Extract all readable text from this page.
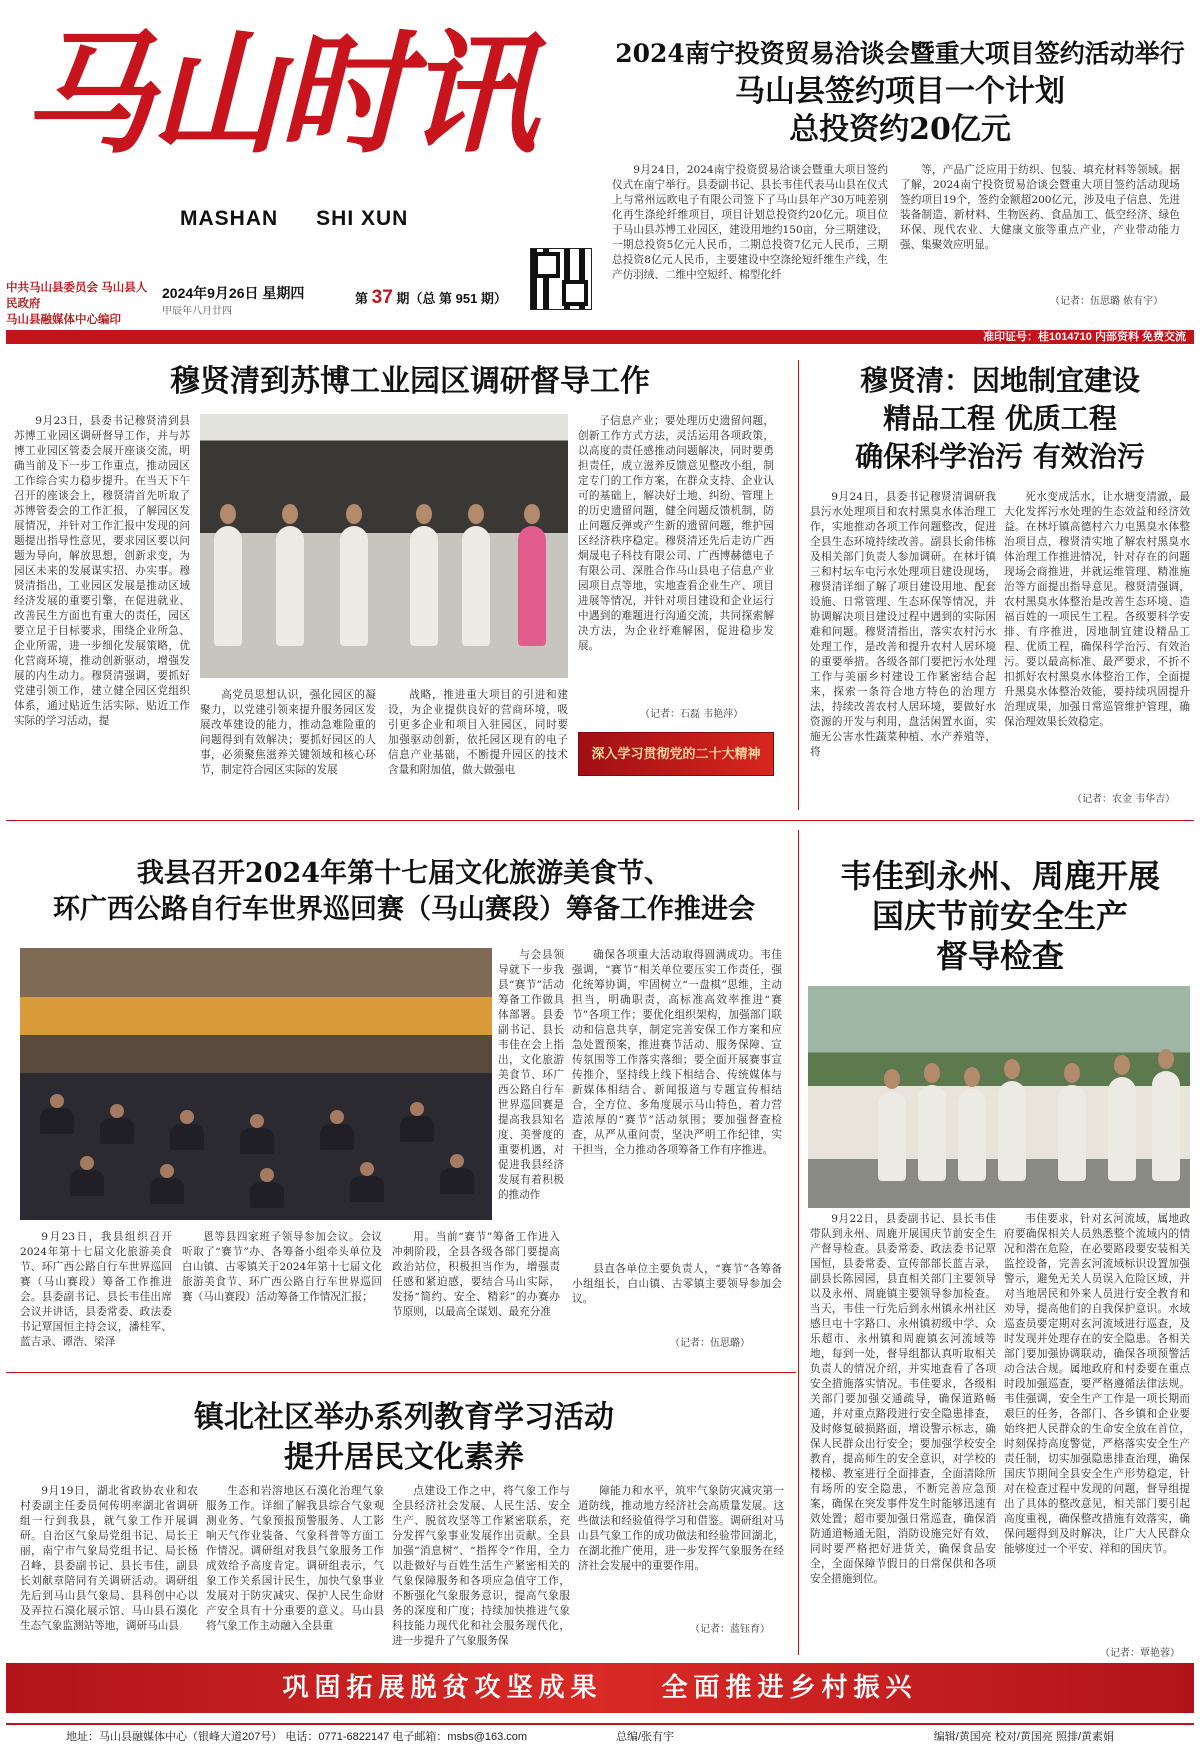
马山时讯
MASHAN SHI XUN
中共马山县委员会 马山县人民政府
马山县融媒体中心编印
2024年9月26日 星期四
甲辰年八月廿四
第 37 期（总 第 951 期）
2024南宁投资贸易洽谈会暨重大项目签约活动举行
马山县签约项目一个计划
总投资约20亿元

9月24日，2024南宁投资贸易洽谈会暨重大项目签约仪式在南宁举行。县委副书记、县长韦佳代表马山县在仪式上与常州远欧电子有限公司签下了马山县年产30万吨差别化再生涤纶纤维项目，项目计划总投资约20亿元。项目位于马山县苏博工业园区，建设用地约150亩，分三期建设，一期总投资5亿元人民币，二期总投资7亿元人民币，三期总投资8亿元人民币，主要建设中空涤纶短纤维生产线，生产仿羽绒、二维中空短纤、棉型化纤

等，产品广泛应用于纺织、包装、填充材料等领域。据了解，2024南宁投资贸易洽谈会暨重大项目签约活动现场签约项目19个，签约金额超200亿元，涉及电子信息、先进装备制造、新材料、生物医药、食品加工、低空经济、绿色环保、现代农业、大健康文旅等重点产业，产业带动能力强、集聚效应明显。

（记者：伍思璐 侬有宇）
准印证号：桂1014710 内部资料 免费交流
穆贤清到苏博工业园区调研督导工作

9月23日，县委书记穆贤清到县苏博工业园区调研督导工作，并与苏博工业园区管委会展开座谈交流，明确当前及下一步工作重点，推动园区工作综合实力稳步提升。在当天下午召开的座谈会上，穆贤清首先听取了苏博管委会的工作汇报，了解园区发展情况，并针对工作汇报中发现的问题提出指导性意见，要求园区要以问题为导向，解放思想，创新求变，为园区未来的发展谋实招、办实事。穆贤清指出，工业园区发展是推动区域经济发展的重要引擎，在促进就业、改善民生方面也有重大的责任，园区要立足于目标要求，围绕企业所急、企业所需，进一步细化发展策略，优化营商环境，推动创新驱动，增强发展的内生动力。穆贤清强调，要抓好党建引领工作，建立健全园区党组织体系，通过贴近生活实际、贴近工作实际的学习活动，提

高党员思想认识，强化园区的凝聚力，以党建引领来提升服务园区发展改革建设的能力，推动急难险重的问题得到有效解决；要抓好园区的人事，必须聚焦滋养关键领域和核心环节，制定符合园区实际的发展

战略，推进重大项目的引进和建设，为企业提供良好的营商环境，吸引更多企业和项目入驻园区，同时要加强驱动创新，依托园区现有的电子信息产业基础，不断提升园区的技术含量和附加值，做大做强电

子信息产业；要处理历史遗留问题，创新工作方式方法，灵活运用各项政策，以高度的责任感推动问题解决，同时要勇担责任，成立滋养反馈意见整改小组，制定专门的工作方案，在群众支持、企业认可的基础上，解决好土地、纠纷、管理上的历史遗留问题，健全问题反馈机制，防止问题反弹或产生新的遗留问题，维护园区经济秩序稳定。穆贤清还先后走访广西炯晟电子科技有限公司、广西博赫德电子有限公司、深胜合作马山县电子信息产业园项目点等地，实地查看企业生产、项目进展等情况，并针对项目建设和企业运行中遇到的难题进行沟通交流，共同探索解决方法，为企业纾难解困，促进稳步发展。

深入学习贯彻党的二十大精神
（记者：石磊 韦艳萍）
穆贤清：因地制宜建设
精品工程 优质工程
确保科学治污 有效治污

9月24日，县委书记穆贤清调研我县污水处理项目和农村黑臭水体治理工作，实地推动各项工作问题整改，促进全县生态环境持续改善。副县长俞伟栋及相关部门负责人参加调研。在林圩镇三和村坛车屯污水处理项目建设现场，穆贤清详细了解了项目建设用地、配套设施、日常管理、生态环保等情况，并协调解决项目建设过程中遇到的实际困难和问题。穆贤清指出，落实农村污水处理工作，是改善和提升农村人居环境的重要举措。各级各部门要把污水处理工作与美丽乡村建设工作紧密结合起来，探索一条符合地方特色的治理方法，持续改善农村人居环境，要做好水资源的开发与利用，盘活闲置水面，实施无公害水性蔬菜种植、水产养殖等，将

死水变成活水，让水塘变清澈，最大化发挥污水处理的生态效益和经济效益。在林圩镇高德村六力屯黑臭水体整治项目点，穆贤清实地了解农村黑臭水体治理工作推进情况，针对存在的问题现场会商推进，并就运维管理、精准施治等方面提出指导意见。穆贤清强调，农村黑臭水体整治是改善生态环境、造福百姓的一项民生工程。各级要科学安排、有序推进，因地制宜建设精品工程、优质工程，确保科学治污、有效治污。要以最高标准、最严要求，不折不扣抓好农村黑臭水体整治工作，全面提升黑臭水体整治效能，要持续巩固提升治理成果，加强日常巡管维护管理，确保治理效果长效稳定。

（记者：农金 韦华吉）
我县召开2024年第十七届文化旅游美食节、
环广西公路自行车世界巡回赛（马山赛段）筹备工作推进会

与会县领导就下一步我县“赛节”活动筹备工作做具体部署。县委副书记、县长韦佳在会上指出，文化旅游美食节、环广西公路自行车世界巡回赛是提高我县知名度、美誉度的重要机遇，对促进我县经济发展有着积极的推动作

确保各项重大活动取得圆满成功。韦佳强调，“赛节”相关单位要压实工作责任，强化统筹协调，牢固树立“一盘棋”思维，主动担当，明确职责，高标准高效率推进“赛节”各项工作；要优化组织架构，加强部门联动和信息共享，制定完善安保工作方案和应急处置预案，推进赛节活动、服务保障、宣传氛围等工作落实落细；要全面开展赛事宣传推介，坚持线上线下相结合、传统媒体与新媒体相结合、新闻报道与专题宣传相结合，全方位、多角度展示马山特色，着力营造浓厚的“赛节”活动氛围；要加强督查检查，从严从重问责，坚决严明工作纪律，实干担当，全力推动各项筹备工作有序推进。

9月23日，我县组织召开2024年第十七届文化旅游美食节、环广西公路自行车世界巡回赛（马山赛段）筹备工作推进会。县委副书记、县长韦佳出席会议并讲话，县委常委、政法委书记覃国恒主持会议，潘桂军、蓝吉录、谭浩、梁泽

恩等县四家班子领导参加会议。会议听取了“赛节”办、各筹备小组牵头单位及白山镇、古零镇关于2024年第十七届文化旅游美食节、环广西公路自行车世界巡回赛（马山赛段）活动筹备工作情况汇报；

用。当前“赛节”筹备工作进入冲刺阶段，全县各级各部门要提高政治站位，积极担当作为，增强责任感和紧迫感，要结合马山实际，发扬“简约、安全、精彩”的办赛办节原则，以最高全谋划、最充分准

县直各单位主要负责人，“赛节”各筹备小组组长，白山镇、古零镇主要领导参加会议。

（记者：伍思璐）
韦佳到永州、周鹿开展
国庆节前安全生产
督导检查

9月22日，县委副书记、县长韦佳带队到永州、周鹿开展国庆节前安全生产督导检查。县委常委、政法委书记覃国恒，县委常委、宣传部部长蓝吉录，副县长陈园园，县直相关部门主要领导以及永州、周鹿镇主要领导参加检查。当天，韦佳一行先后到永州镇永州社区感旦屯十字路口、永州镇初级中学、众乐超市、永州镇和周鹿镇玄河流域等地，每到一处，督导组都认真听取相关负责人的情况介绍，并实地查看了各项安全措施落实情况。韦佳要求，各级相关部门要加强交通疏导，确保道路畅通，并对重点路段进行安全隐患排查，及时修复破损路面，增设警示标志，确保人民群众出行安全；要加强学校安全教育，提高师生的安全意识，对学校的楼梯、教室进行全面排查，全面清除所有场所的安全隐患，不断完善应急预案，确保在突发事件发生时能够迅速有效处置；超市要加强日常巡查，确保消防通道畅通无阻，消防设施完好有效，同时要严格把好进货关，确保食品安全，全面保障节假日的日常保供和各项安全措施到位。

韦佳要求，针对玄河流域，属地政府要确保相关人员熟悉整个流域内的情况和潜在危险，在必要路段要安装相关监控设备，完善玄河流域标识设置加强警示，避免无关人员误入危险区域，并对当地居民和外来人员进行安全教育和劝导，提高他们的自我保护意识。水域巡查员要定期对玄河流域进行巡查，及时发现并处理存在的安全隐患。各相关部门要加强协调联动，确保各项预警活动合法合规。属地政府和村委要在重点时段加强巡查，要严格遵循法律法规。韦佳强调，安全生产工作是一项长期而艰巨的任务，各部门、各乡镇和企业要始终把人民群众的生命安全放在首位，时刻保持高度警觉，严格落实安全生产责任制，切实加强隐患排查治理，确保国庆节期间全县安全生产形势稳定，针对在检查过程中发现的问题，督导组提出了具体的整改意见，相关部门要引起高度重视，确保整改措施有效落实，确保问题得到及时解决，让广大人民群众能够度过一个平安、祥和的国庆节。

（记者：覃艳蓉）
镇北社区举办系列教育学习活动
提升居民文化素养

9月19日，湖北省政协农业和农村委副主任委员何传明率湖北省调研组一行到我县，就气象工作开展调研。自治区气象局党组书记、局长王丽，南宁市气象局党组书记、局长杨召峰，县委副书记、县长韦佳，副县长刘献章陪同有关调研活动。调研组先后到马山县气象局、县科创中心以及弄拉石漠化展示馆、马山县石漠化生态气象监测站等地，调研马山县

生态和岩溶地区石漠化治理气象服务工作。详细了解我县综合气象观测业务、气象预报预警服务、人工影响天气作业装备、气象科普等方面工作情况。调研组对我县气象服务工作成效给予高度肯定。调研组表示，气象工作关系国计民生，加快气象事业发展对于防灾减灾、保护人民生命财产安全具有十分重要的意义。马山县将气象工作主动融入全县重

点建设工作之中，将气象工作与全县经济社会发展、人民生活、安全生产、脱贫攻坚等工作紧密联系，充分发挥气象事业发展作出贡献。全县加强“消息树”、“指挥令”作用，全力以赴做好与百姓生活生产紧密相关的气象保障服务和各项应急值守工作，不断强化气象服务意识，提高气象服务的深度和广度；持续加快推进气象科技能力现代化和社会服务现代化，进一步提升了气象服务保

障能力和水平，筑牢气象防灾减灾第一道防线，推动地方经济社会高质量发展。这些做法和经验值得学习和借鉴。调研组对马山县气象工作的成功做法和经验带回湖北，在湖北推广使用，进一步发挥气象服务在经济社会发展中的重要作用。

（记者：蓝钰育）
巩固拓展脱贫攻坚成果 全面推进乡村振兴
地址：马山县融媒体中心（银峰大道207号） 电话：0771-6822147 电子邮箱：msbs@163.com	总编/张有宇	编辑/黄国亮 校对/黄国亮 照排/黄素娟
